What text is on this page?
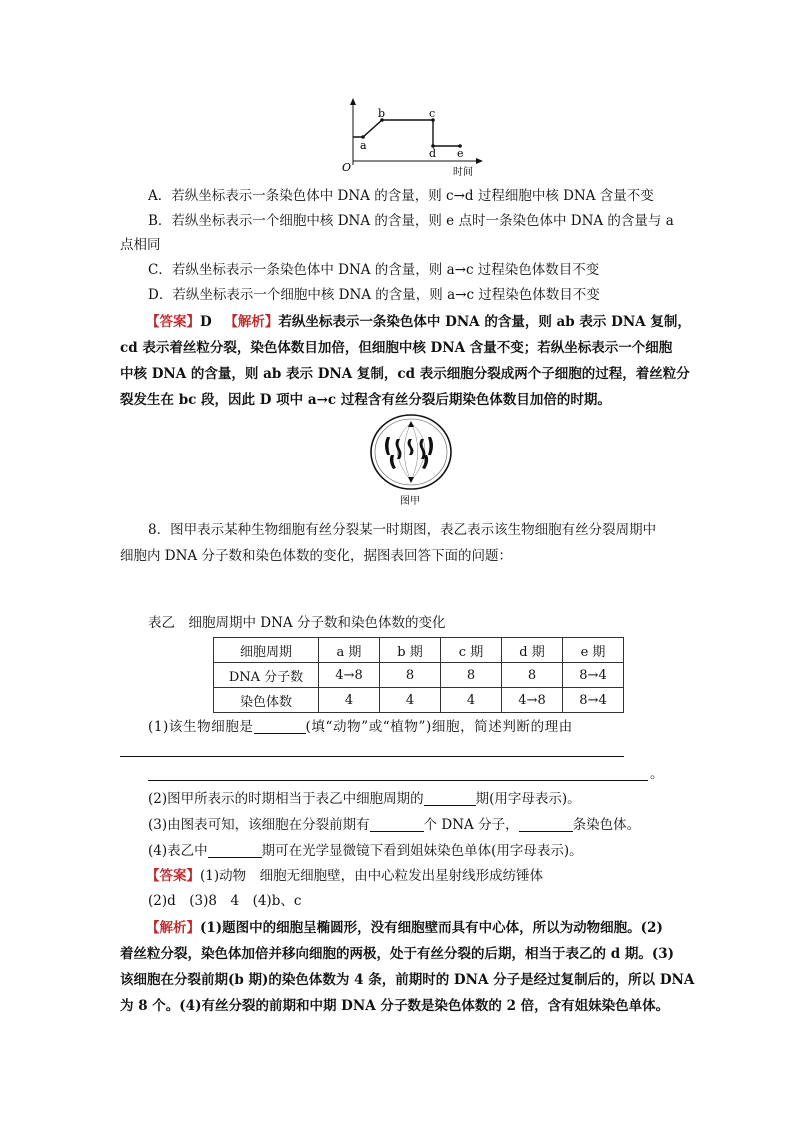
a
b	c
d e
O	时间
A．若纵坐标表示一条染色体中 DNA 的含量，则 c→d 过程细胞中核 DNA 含量不变
B．若纵坐标表示一个细胞中核 DNA 的含量，则 e 点时一条染色体中 DNA 的含量与 a
点相同
C．若纵坐标表示一条染色体中 DNA 的含量，则 a→c 过程染色体数目不变
D．若纵坐标表示一个细胞中核 DNA 的含量，则 a→c 过程染色体数目不变
【答案】D 【解析】若纵坐标表示一条染色体中 DNA 的含量，则 ab 表示 DNA 复制，
cd 表示着丝粒分裂，染色体数目加倍，但细胞中核 DNA 含量不变；若纵坐标表示一个细胞
中核 DNA 的含量，则 ab 表示 DNA 复制，cd 表示细胞分裂成两个子细胞的过程，着丝粒分
裂发生在 bc 段，因此 D 项中 a→c 过程含有丝分裂后期染色体数目加倍的时期。
图甲
8．图甲表示某种生物细胞有丝分裂某一时期图，表乙表示该生物细胞有丝分裂周期中
细胞内 DNA 分子数和染色体数的变化，据图表回答下面的问题：
表乙　细胞周期中 DNA 分子数和染色体数的变化
细胞周期	a 期	b 期	c 期	d 期	e 期
DNA 分子数	4→8	8	8	8	8→4
染色体数	4	4	4	4→8	8→4
(1)该生物细胞是	(填“动物”或“植物”)细胞，简述判断的理由
。
(2)图甲所表示的时期相当于表乙中细胞周期的	期(用字母表示)。
(3)由图表可知，该细胞在分裂前期有	个 DNA 分子，	条染色体。
(4)表乙中	期可在光学显微镜下看到姐妹染色单体(用字母表示)。
【答案】(1)动物　细胞无细胞壁，由中心粒发出星射线形成纺锤体
(2)d　(3)8　4　(4)b、c
【解析】(1)题图中的细胞呈椭圆形，没有细胞壁而具有中心体，所以为动物细胞。(2)
着丝粒分裂，染色体加倍并移向细胞的两极，处于有丝分裂的后期，相当于表乙的 d 期。(3)
该细胞在分裂前期(b 期)的染色体数为 4 条，前期时的 DNA 分子是经过复制后的，所以 DNA
为 8 个。(4)有丝分裂的前期和中期 DNA 分子数是染色体数的 2 倍，含有姐妹染色单体。
